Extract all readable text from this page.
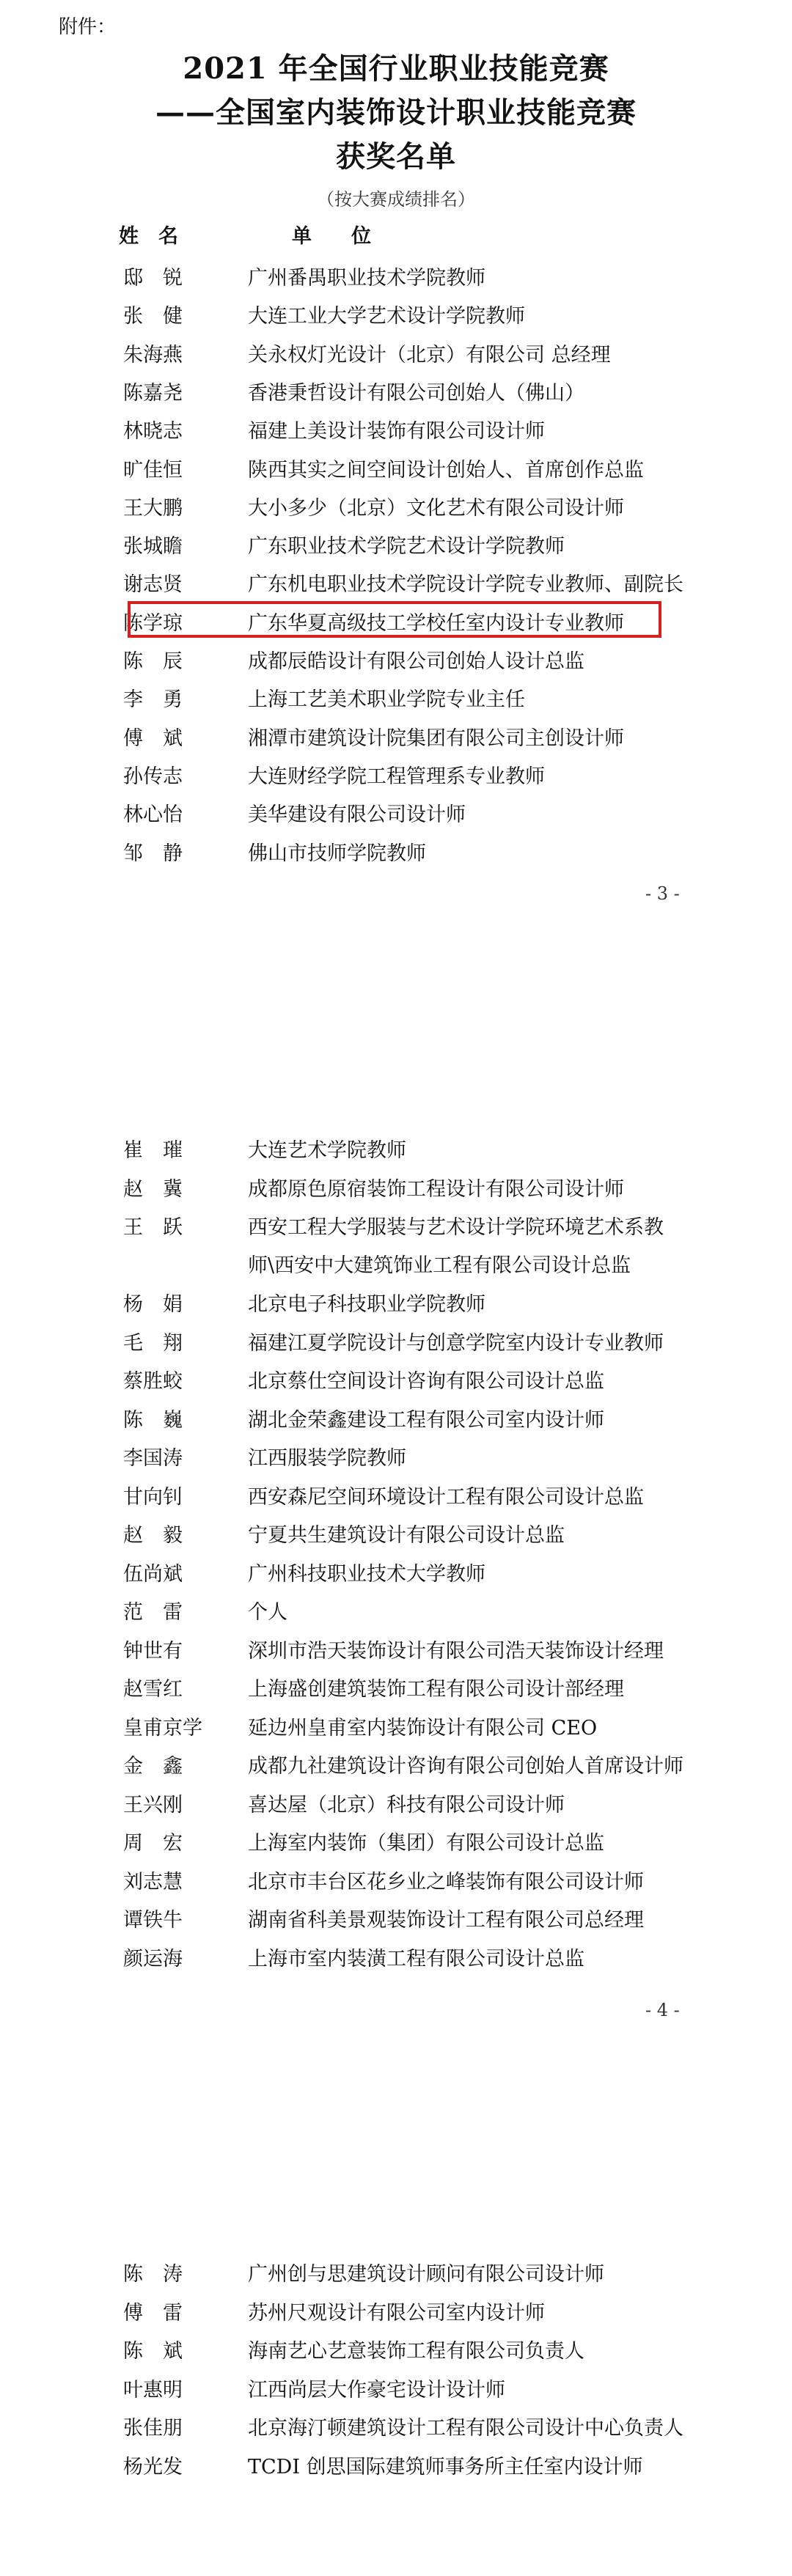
附件：
2021 年全国行业职业技能竞赛
——全国室内装饰设计职业技能竞赛
获奖名单
（按大赛成绩排名）
姓　名	单　　位
邸　锐	广州番禺职业技术学院教师
张　健	大连工业大学艺术设计学院教师
朱海燕	关永权灯光设计（北京）有限公司 总经理
陈嘉尧	香港秉哲设计有限公司创始人（佛山）
林晓志	福建上美设计装饰有限公司设计师
旷佳恒	陕西其实之间空间设计创始人、首席创作总监
王大鹏	大小多少（北京）文化艺术有限公司设计师
张城瞻	广东职业技术学院艺术设计学院教师
谢志贤	广东机电职业技术学院设计学院专业教师、副院长
陈学琼	广东华夏高级技工学校任室内设计专业教师
陈　辰	成都辰皓设计有限公司创始人设计总监
李　勇	上海工艺美术职业学院专业主任
傅　斌	湘潭市建筑设计院集团有限公司主创设计师
孙传志	大连财经学院工程管理系专业教师
林心怡	美华建设有限公司设计师
邹　静	佛山市技师学院教师
- 3 -
崔　璀	大连艺术学院教师
赵　冀	成都原色原宿装饰工程设计有限公司设计师
王　跃	西安工程大学服装与艺术设计学院环境艺术系教
师\西安中大建筑饰业工程有限公司设计总监
杨　娟	北京电子科技职业学院教师
毛　翔	福建江夏学院设计与创意学院室内设计专业教师
蔡胜蛟	北京蔡仕空间设计咨询有限公司设计总监
陈　巍	湖北金荣鑫建设工程有限公司室内设计师
李国涛	江西服装学院教师
甘向钊	西安森尼空间环境设计工程有限公司设计总监
赵　毅	宁夏共生建筑设计有限公司设计总监
伍尚斌	广州科技职业技术大学教师
范　雷	个人
钟世有	深圳市浩天装饰设计有限公司浩天装饰设计经理
赵雪红	上海盛创建筑装饰工程有限公司设计部经理
皇甫京学	延边州皇甫室内装饰设计有限公司 CEO
金　鑫	成都九社建筑设计咨询有限公司创始人首席设计师
王兴刚	喜达屋（北京）科技有限公司设计师
周　宏	上海室内装饰（集团）有限公司设计总监
刘志慧	北京市丰台区花乡业之峰装饰有限公司设计师
谭铁牛	湖南省科美景观装饰设计工程有限公司总经理
颜运海	上海市室内装潢工程有限公司设计总监
- 4 -
陈　涛	广州创与思建筑设计顾问有限公司设计师
傅　雷	苏州尺观设计有限公司室内设计师
陈　斌	海南艺心艺意装饰工程有限公司负责人
叶惠明	江西尚层大作豪宅设计设计师
张佳朋	北京海汀顿建筑设计工程有限公司设计中心负责人
杨光发	TCDI 创思国际建筑师事务所主任室内设计师
